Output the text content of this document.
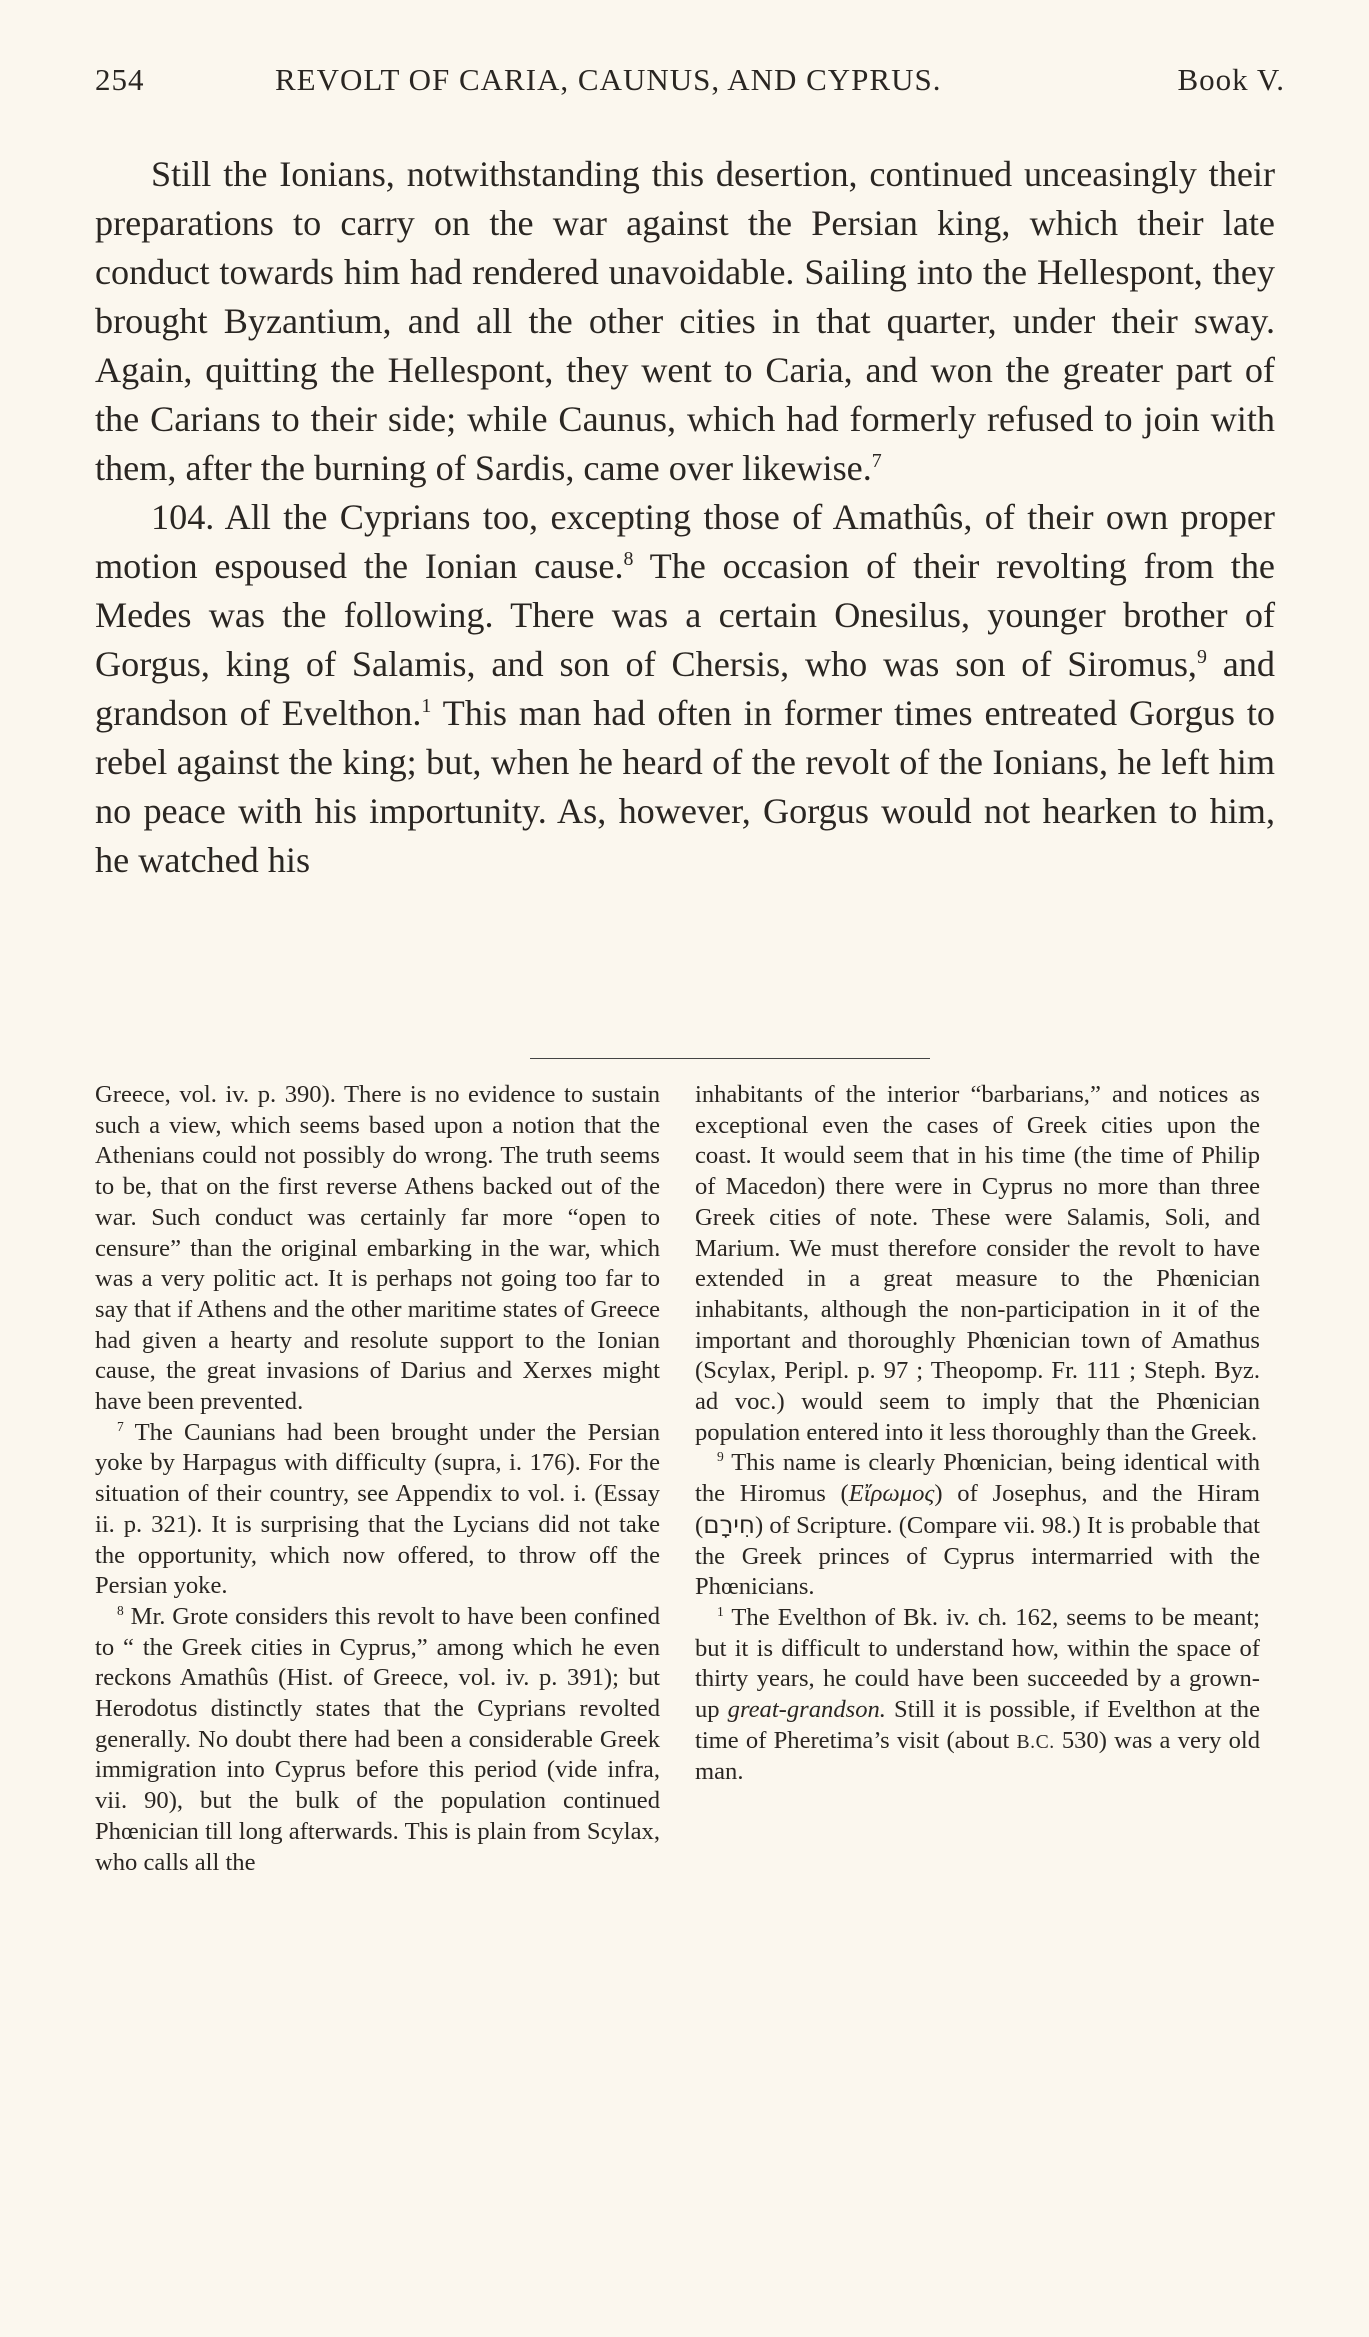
254	REVOLT OF CARIA, CAUNUS, AND CYPRUS.	Book V.

Still the Ionians, notwithstanding this desertion, continued unceasingly their preparations to carry on the war against the Persian king, which their late conduct towards him had rendered unavoidable. Sailing into the Hellespont, they brought Byzantium, and all the other cities in that quarter, under their sway. Again, quitting the Hellespont, they went to Caria, and won the greater part of the Carians to their side; while Caunus, which had formerly refused to join with them, after the burning of Sardis, came over likewise.$^7$

104. All the Cyprians too, excepting those of Amathûs, of their own proper motion espoused the Ionian cause.$^8$ The occasion of their revolting from the Medes was the following. There was a certain Onesilus, younger brother of Gorgus, king of Salamis, and son of Chersis, who was son of Siromus,$^9$ and grandson of Evelthon.$^1$ This man had often in former times entreated Gorgus to rebel against the king; but, when he heard of the revolt of the Ionians, he left him no peace with his importunity. As, however, Gorgus would not hearken to him, he watched his

Greece, vol. iv. p. 390). There is no evidence to sustain such a view, which seems based upon a notion that the Athenians could not possibly do wrong. The truth seems to be, that on the first reverse Athens backed out of the war. Such conduct was certainly far more “open to censure” than the original embarking in the war, which was a very politic act. It is perhaps not going too far to say that if Athens and the other maritime states of Greece had given a hearty and resolute support to the Ionian cause, the great invasions of Darius and Xerxes might have been prevented.

$^7$ The Caunians had been brought under the Persian yoke by Harpagus with difficulty (supra, i. 176). For the situation of their country, see Appendix to vol. i. (Essay ii. p. 321). It is surprising that the Lycians did not take the opportunity, which now offered, to throw off the Persian yoke.

$^8$ Mr. Grote considers this revolt to have been confined to “ the Greek cities in Cyprus,” among which he even reckons Amathûs (Hist. of Greece, vol. iv. p. 391); but Herodotus distinctly states that the Cyprians revolted generally. No doubt there had been a considerable Greek immigration into Cyprus before this period (vide infra, vii. 90), but the bulk of the population continued Phœnician till long afterwards. This is plain from Scylax, who calls all the

inhabitants of the interior “barbarians,” and notices as exceptional even the cases of Greek cities upon the coast. It would seem that in his time (the time of Philip of Macedon) there were in Cyprus no more than three Greek cities of note. These were Salamis, Soli, and Marium. We must therefore consider the revolt to have extended in a great measure to the Phœnician inhabitants, although the non-participation in it of the important and thoroughly Phœnician town of Amathus (Scylax, Peripl. p. 97 ; Theopomp. Fr. 111 ; Steph. Byz. ad voc.) would seem to imply that the Phœnician population entered into it less thoroughly than the Greek.

$^9$ This name is clearly Phœnician, being identical with the Hiromus (Εἴρωμος) of Josephus, and the Hiram (חִירָם) of Scripture. (Compare vii. 98.) It is probable that the Greek princes of Cyprus intermarried with the Phœnicians.

$^1$ The Evelthon of Bk. iv. ch. 162, seems to be meant; but it is difficult to understand how, within the space of thirty years, he could have been succeeded by a grown-up great-grandson. Still it is possible, if Evelthon at the time of Pheretima’s visit (about B.C. 530) was a very old man.
